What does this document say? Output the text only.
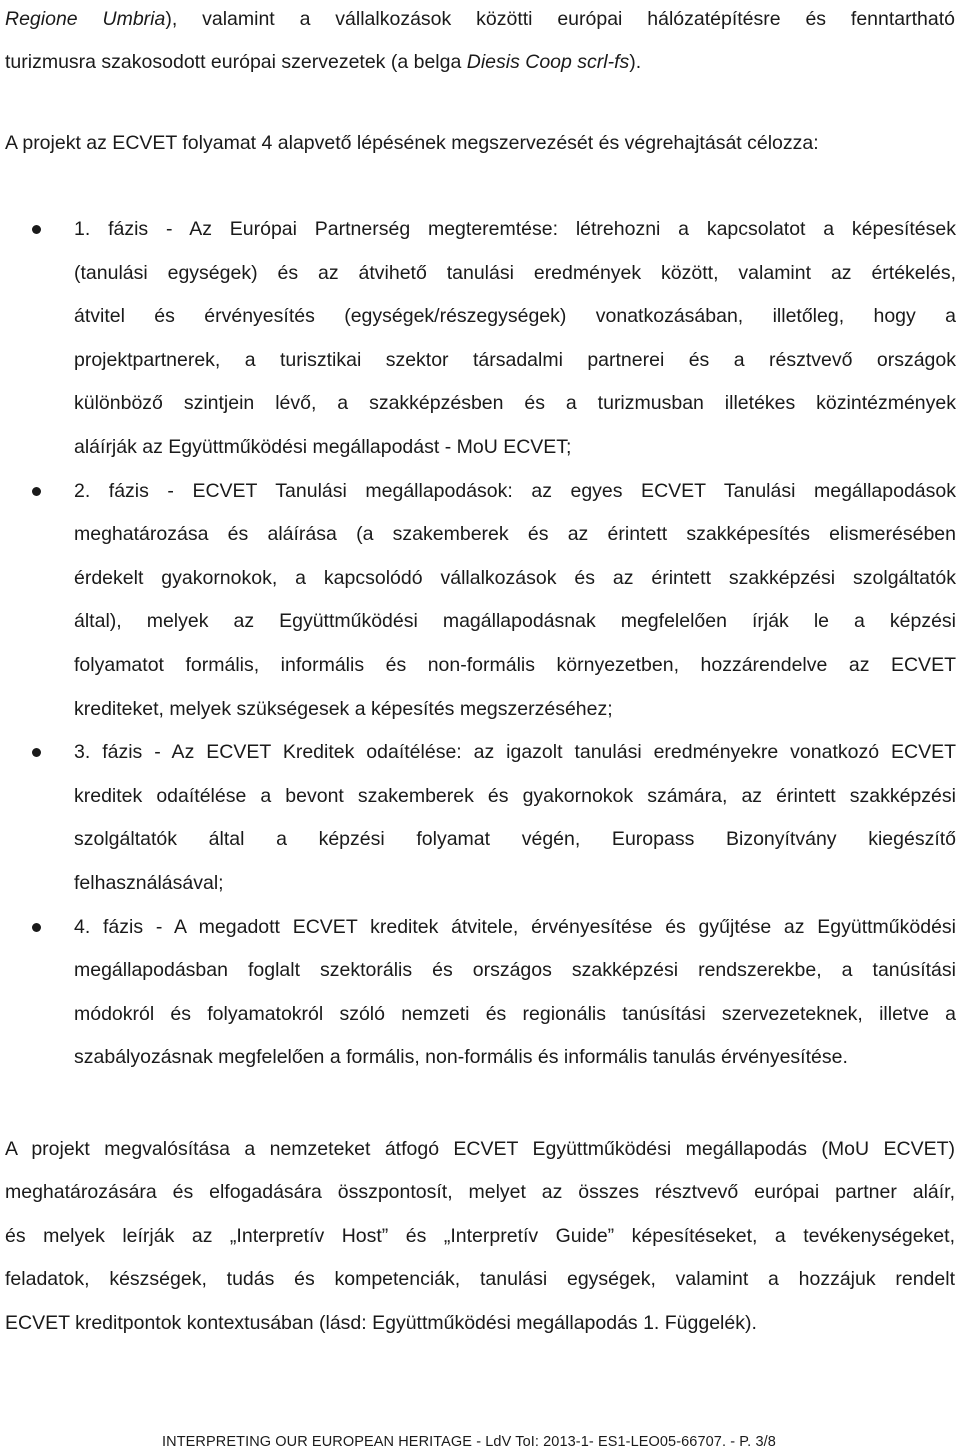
Regione Umbria), valamint a vállalkozások közötti európai hálózatépítésre és fenntartható
turizmusra szakosodott európai szervezetek (a belga Diesis Coop scrl-fs).
A projekt az ECVET folyamat 4 alapvető lépésének megszervezését és végrehajtását célozza:
1. fázis - Az Európai Partnerség megteremtése: létrehozni a kapcsolatot a képesítések
(tanulási egységek) és az átvihető tanulási eredmények között, valamint az értékelés,
átvitel és érvényesítés (egységek/részegységek) vonatkozásában, illetőleg, hogy a
projektpartnerek, a turisztikai szektor társadalmi partnerei és a résztvevő országok
különböző szintjein lévő, a szakképzésben és a turizmusban illetékes közintézmények
aláírják az Együttműködési megállapodást - MoU ECVET;
2. fázis - ECVET Tanulási megállapodások: az egyes ECVET Tanulási megállapodások
meghatározása és aláírása (a szakemberek és az érintett szakképesítés elismerésében
érdekelt gyakornokok, a kapcsolódó vállalkozások és az érintett szakképzési szolgáltatók
által), melyek az Együttműködési magállapodásnak megfelelően írják le a képzési
folyamatot formális, informális és non-formális környezetben, hozzárendelve az ECVET
krediteket, melyek szükségesek a képesítés megszerzéséhez;
3. fázis - Az ECVET Kreditek odaítélése: az igazolt tanulási eredményekre vonatkozó ECVET
kreditek odaítélése a bevont szakemberek és gyakornokok számára, az érintett szakképzési
szolgáltatók által a képzési folyamat végén, Europass Bizonyítvány kiegészítő
felhasználásával;
4. fázis - A megadott ECVET kreditek átvitele, érvényesítése és gyűjtése az Együttműködési
megállapodásban foglalt szektorális és országos szakképzési rendszerekbe, a tanúsítási
módokról és folyamatokról szóló nemzeti és regionális tanúsítási szervezeteknek, illetve a
szabályozásnak megfelelően a formális, non-formális és informális tanulás érvényesítése.
A projekt megvalósítása a nemzeteket átfogó ECVET Együttműködési megállapodás (MoU ECVET)
meghatározására és elfogadására összpontosít, melyet az összes résztvevő európai partner aláír,
és melyek leírják az „Interpretív Host” és „Interpretív Guide” képesítéseket, a tevékenységeket,
feladatok, készségek, tudás és kompetenciák, tanulási egységek, valamint a hozzájuk rendelt
ECVET kreditpontok kontextusában (lásd: Együttműködési megállapodás 1. Függelék).
INTERPRETING OUR EUROPEAN HERITAGE - LdV ToI: 2013-1- ES1-LEO05-66707. - P. 3/8
